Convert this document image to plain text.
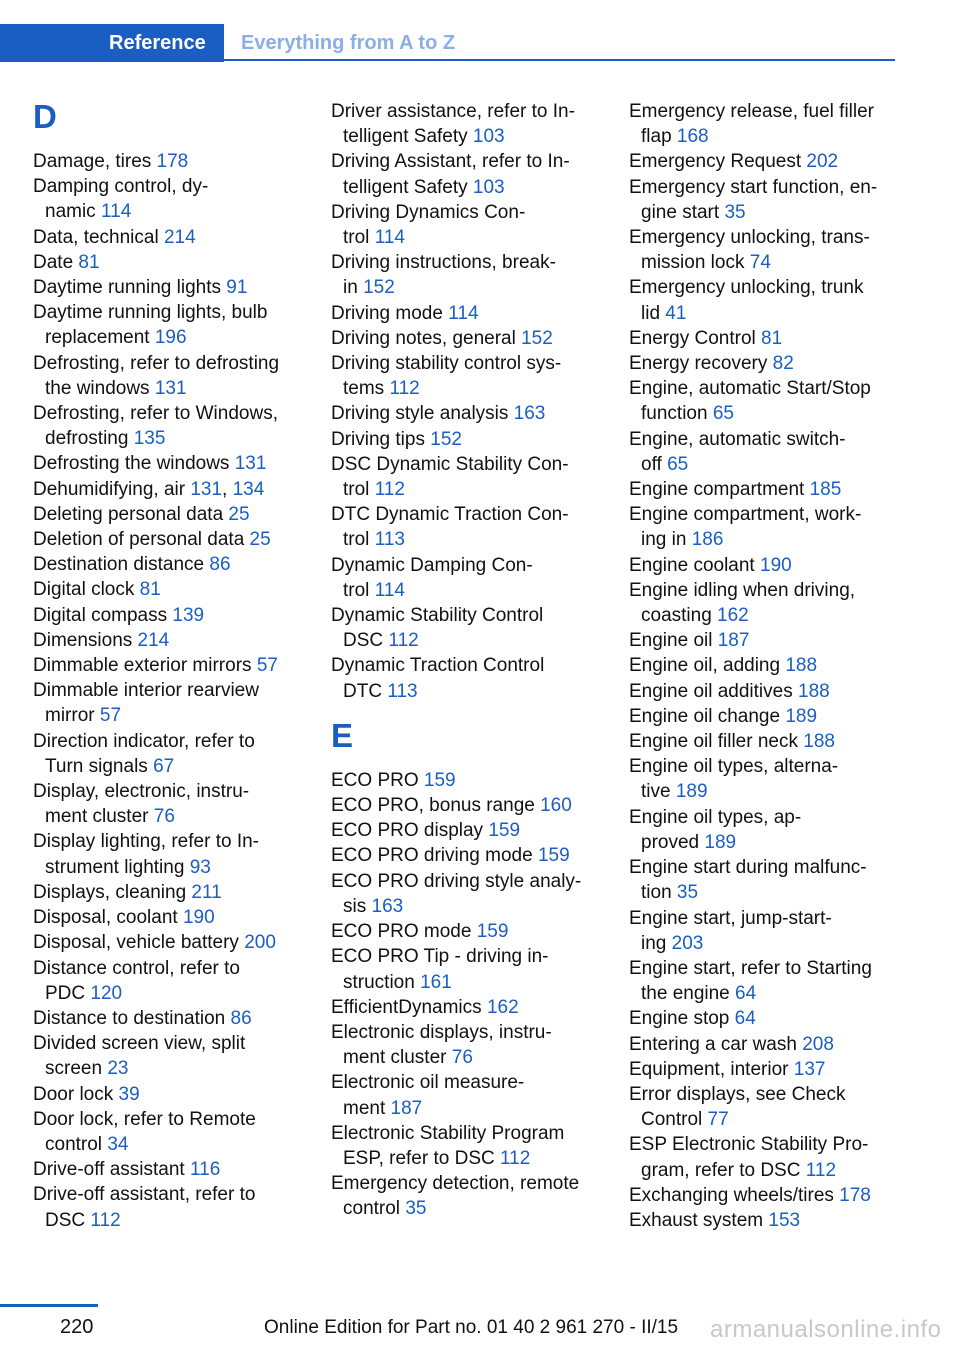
Reference	Everything from A to Z
D
Damage, tires 178
Damping control, dy-
namic 114
Data, technical 214
Date 81
Daytime running lights 91
Daytime running lights, bulb
replacement 196
Defrosting, refer to defrosting
the windows 131
Defrosting, refer to Windows,
defrosting 135
Defrosting the windows 131
Dehumidifying, air 131, 134
Deleting personal data 25
Deletion of personal data 25
Destination distance 86
Digital clock 81
Digital compass 139
Dimensions 214
Dimmable exterior mirrors 57
Dimmable interior rearview
mirror 57
Direction indicator, refer to
Turn signals 67
Display, electronic, instru-
ment cluster 76
Display lighting, refer to In-
strument lighting 93
Displays, cleaning 211
Disposal, coolant 190
Disposal, vehicle battery 200
Distance control, refer to
PDC 120
Distance to destination 86
Divided screen view, split
screen 23
Door lock 39
Door lock, refer to Remote
control 34
Drive-off assistant 116
Drive-off assistant, refer to
DSC 112
Driver assistance, refer to In-
telligent Safety 103
Driving Assistant, refer to In-
telligent Safety 103
Driving Dynamics Con-
trol 114
Driving instructions, break-
in 152
Driving mode 114
Driving notes, general 152
Driving stability control sys-
tems 112
Driving style analysis 163
Driving tips 152
DSC Dynamic Stability Con-
trol 112
DTC Dynamic Traction Con-
trol 113
Dynamic Damping Con-
trol 114
Dynamic Stability Control
DSC 112
Dynamic Traction Control
DTC 113
E
ECO PRO 159
ECO PRO, bonus range 160
ECO PRO display 159
ECO PRO driving mode 159
ECO PRO driving style analy-
sis 163
ECO PRO mode 159
ECO PRO Tip - driving in-
struction 161
EfficientDynamics 162
Electronic displays, instru-
ment cluster 76
Electronic oil measure-
ment 187
Electronic Stability Program
ESP, refer to DSC 112
Emergency detection, remote
control 35
Emergency release, fuel filler
flap 168
Emergency Request 202
Emergency start function, en-
gine start 35
Emergency unlocking, trans-
mission lock 74
Emergency unlocking, trunk
lid 41
Energy Control 81
Energy recovery 82
Engine, automatic Start/Stop
function 65
Engine, automatic switch-
off 65
Engine compartment 185
Engine compartment, work-
ing in 186
Engine coolant 190
Engine idling when driving,
coasting 162
Engine oil 187
Engine oil, adding 188
Engine oil additives 188
Engine oil change 189
Engine oil filler neck 188
Engine oil types, alterna-
tive 189
Engine oil types, ap-
proved 189
Engine start during malfunc-
tion 35
Engine start, jump-start-
ing 203
Engine start, refer to Starting
the engine 64
Engine stop 64
Entering a car wash 208
Equipment, interior 137
Error displays, see Check
Control 77
ESP Electronic Stability Pro-
gram, refer to DSC 112
Exchanging wheels/tires 178
Exhaust system 153
220	Online Edition for Part no. 01 40 2 961 270 - II/15 armanualsonline.info
